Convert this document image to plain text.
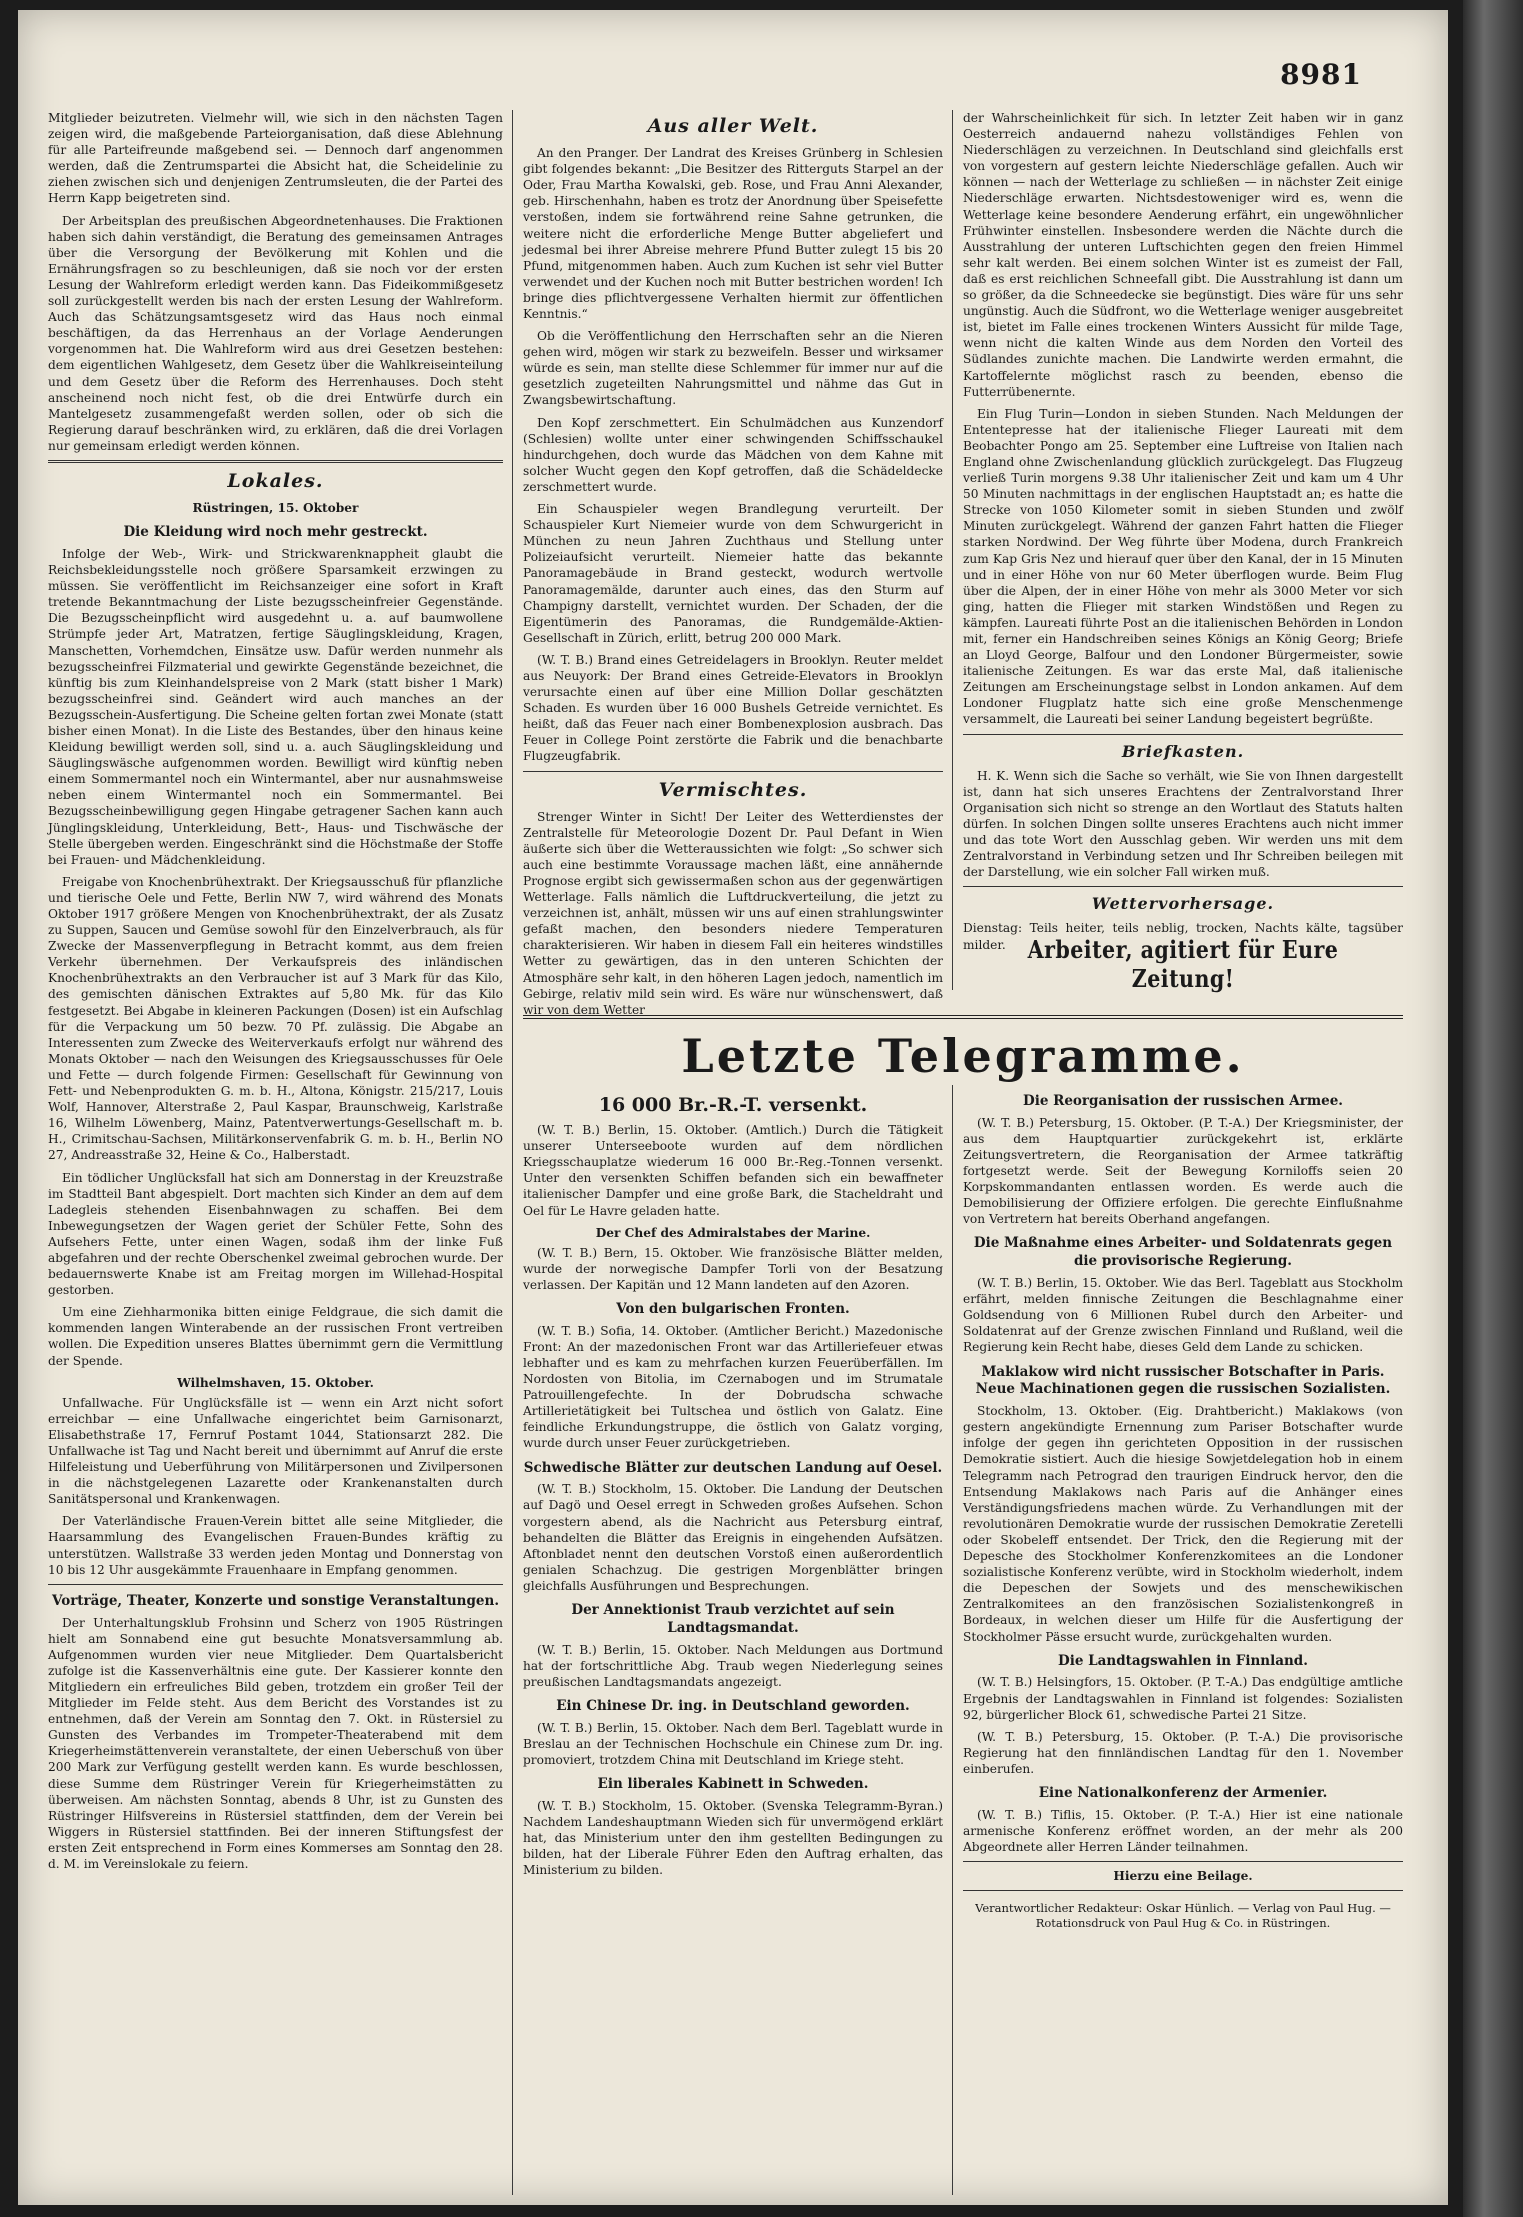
8981

Mitglieder beizutreten. Vielmehr will, wie sich in den nächsten Tagen zeigen wird, die maßgebende Parteiorganisation, daß diese Ablehnung für alle Parteifreunde maßgebend sei. — Dennoch darf angenommen werden, daß die Zentrumspartei die Absicht hat, die Scheidelinie zu ziehen zwischen sich und denjenigen Zentrumsleuten, die der Partei des Herrn Kapp beigetreten sind.

Der Arbeitsplan des preußischen Abgeordnetenhauses. Die Fraktionen haben sich dahin verständigt, die Beratung des gemeinsamen Antrages über die Versorgung der Bevölkerung mit Kohlen und die Ernährungsfragen so zu beschleunigen, daß sie noch vor der ersten Lesung der Wahlreform erledigt werden kann. Das Fideikommißgesetz soll zurückgestellt werden bis nach der ersten Lesung der Wahlreform. Auch das Schätzungsamtsgesetz wird das Haus noch einmal beschäftigen, da das Herrenhaus an der Vorlage Aenderungen vorgenommen hat. Die Wahlreform wird aus drei Gesetzen bestehen: dem eigentlichen Wahlgesetz, dem Gesetz über die Wahlkreiseinteilung und dem Gesetz über die Reform des Herrenhauses. Doch steht anscheinend noch nicht fest, ob die drei Entwürfe durch ein Mantelgesetz zusammengefaßt werden sollen, oder ob sich die Regierung darauf beschränken wird, zu erklären, daß die drei Vorlagen nur gemeinsam erledigt werden können.

Lokales.
Rüstringen, 15. Oktober
Die Kleidung wird noch mehr gestreckt.

Infolge der Web-, Wirk- und Strickwarenknappheit glaubt die Reichsbekleidungsstelle noch größere Sparsamkeit erzwingen zu müssen. Sie veröffentlicht im Reichsanzeiger eine sofort in Kraft tretende Bekanntmachung der Liste bezugsscheinfreier Gegenstände. Die Bezugsscheinpflicht wird ausgedehnt u. a. auf baumwollene Strümpfe jeder Art, Matratzen, fertige Säuglingskleidung, Kragen, Manschetten, Vorhemdchen, Einsätze usw. Dafür werden nunmehr als bezugsscheinfrei Filzmaterial und gewirkte Gegenstände bezeichnet, die künftig bis zum Kleinhandelspreise von 2 Mark (statt bisher 1 Mark) bezugsscheinfrei sind. Geändert wird auch manches an der Bezugsschein-Ausfertigung. Die Scheine gelten fortan zwei Monate (statt bisher einen Monat). In die Liste des Bestandes, über den hinaus keine Kleidung bewilligt werden soll, sind u. a. auch Säuglingskleidung und Säuglingswäsche aufgenommen worden. Bewilligt wird künftig neben einem Sommermantel noch ein Wintermantel, aber nur ausnahmsweise neben einem Wintermantel noch ein Sommermantel. Bei Bezugsscheinbewilligung gegen Hingabe getragener Sachen kann auch Jünglingskleidung, Unterkleidung, Bett-, Haus- und Tischwäsche der Stelle übergeben werden. Eingeschränkt sind die Höchstmaße der Stoffe bei Frauen- und Mädchenkleidung.

Freigabe von Knochenbrühextrakt. Der Kriegsausschuß für pflanzliche und tierische Oele und Fette, Berlin NW 7, wird während des Monats Oktober 1917 größere Mengen von Knochenbrühextrakt, der als Zusatz zu Suppen, Saucen und Gemüse sowohl für den Einzelverbrauch, als für Zwecke der Massenverpflegung in Betracht kommt, aus dem freien Verkehr übernehmen. Der Verkaufspreis des inländischen Knochenbrühextrakts an den Verbraucher ist auf 3 Mark für das Kilo, des gemischten dänischen Extraktes auf 5,80 Mk. für das Kilo festgesetzt. Bei Abgabe in kleineren Packungen (Dosen) ist ein Aufschlag für die Verpackung um 50 bezw. 70 Pf. zulässig. Die Abgabe an Interessenten zum Zwecke des Weiterverkaufs erfolgt nur während des Monats Oktober — nach den Weisungen des Kriegsausschusses für Oele und Fette — durch folgende Firmen: Gesellschaft für Gewinnung von Fett- und Nebenprodukten G. m. b. H., Altona, Königstr. 215/217, Louis Wolf, Hannover, Alterstraße 2, Paul Kaspar, Braunschweig, Karlstraße 16, Wilhelm Löwenberg, Mainz, Patentverwertungs-Gesellschaft m. b. H., Crimitschau-Sachsen, Militärkonservenfabrik G. m. b. H., Berlin NO 27, Andreasstraße 32, Heine & Co., Halberstadt.

Ein tödlicher Unglücksfall hat sich am Donnerstag in der Kreuzstraße im Stadtteil Bant abgespielt. Dort machten sich Kinder an dem auf dem Ladegleis stehenden Eisenbahnwagen zu schaffen. Bei dem Inbewegungsetzen der Wagen geriet der Schüler Fette, Sohn des Aufsehers Fette, unter einen Wagen, sodaß ihm der linke Fuß abgefahren und der rechte Oberschenkel zweimal gebrochen wurde. Der bedauernswerte Knabe ist am Freitag morgen im Willehad-Hospital gestorben.

Um eine Ziehharmonika bitten einige Feldgraue, die sich damit die kommenden langen Winterabende an der russischen Front vertreiben wollen. Die Expedition unseres Blattes übernimmt gern die Vermittlung der Spende.

Wilhelmshaven, 15. Oktober.

Unfallwache. Für Unglücksfälle ist — wenn ein Arzt nicht sofort erreichbar — eine Unfallwache eingerichtet beim Garnisonarzt, Elisabethstraße 17, Fernruf Postamt 1044, Stationsarzt 282. Die Unfallwache ist Tag und Nacht bereit und übernimmt auf Anruf die erste Hilfeleistung und Ueberführung von Militärpersonen und Zivilpersonen in die nächstgelegenen Lazarette oder Krankenanstalten durch Sanitätspersonal und Krankenwagen.

Der Vaterländische Frauen-Verein bittet alle seine Mitglieder, die Haarsammlung des Evangelischen Frauen-Bundes kräftig zu unterstützen. Wallstraße 33 werden jeden Montag und Donnerstag von 10 bis 12 Uhr ausgekämmte Frauenhaare in Empfang genommen.

Vorträge, Theater, Konzerte und sonstige Veranstaltungen.

Der Unterhaltungsklub Frohsinn und Scherz von 1905 Rüstringen hielt am Sonnabend eine gut besuchte Monatsversammlung ab. Aufgenommen wurden vier neue Mitglieder. Dem Quartalsbericht zufolge ist die Kassenverhältnis eine gute. Der Kassierer konnte den Mitgliedern ein erfreuliches Bild geben, trotzdem ein großer Teil der Mitglieder im Felde steht. Aus dem Bericht des Vorstandes ist zu entnehmen, daß der Verein am Sonntag den 7. Okt. in Rüstersiel zu Gunsten des Verbandes im Trompeter-Theaterabend mit dem Kriegerheimstättenverein veranstaltete, der einen Ueberschuß von über 200 Mark zur Verfügung gestellt werden kann. Es wurde beschlossen, diese Summe dem Rüstringer Verein für Kriegerheimstätten zu überweisen. Am nächsten Sonntag, abends 8 Uhr, ist zu Gunsten des Rüstringer Hilfsvereins in Rüstersiel stattfinden, dem der Verein bei Wiggers in Rüstersiel stattfinden. Bei der inneren Stiftungsfest der ersten Zeit entsprechend in Form eines Kommerses am Sonntag den 28. d. M. im Vereinslokale zu feiern.

Aus aller Welt.

An den Pranger. Der Landrat des Kreises Grünberg in Schlesien gibt folgendes bekannt: „Die Besitzer des Ritterguts Starpel an der Oder, Frau Martha Kowalski, geb. Rose, und Frau Anni Alexander, geb. Hirschenhahn, haben es trotz der Anordnung über Speisefette verstoßen, indem sie fortwährend reine Sahne getrunken, die weitere nicht die erforderliche Menge Butter abgeliefert und jedesmal bei ihrer Abreise mehrere Pfund Butter zulegt 15 bis 20 Pfund, mitgenommen haben. Auch zum Kuchen ist sehr viel Butter verwendet und der Kuchen noch mit Butter bestrichen worden! Ich bringe dies pflichtvergessene Verhalten hiermit zur öffentlichen Kenntnis.“

Ob die Veröffentlichung den Herrschaften sehr an die Nieren gehen wird, mögen wir stark zu bezweifeln. Besser und wirksamer würde es sein, man stellte diese Schlemmer für immer nur auf die gesetzlich zugeteilten Nahrungsmittel und nähme das Gut in Zwangsbewirtschaftung.

Den Kopf zerschmettert. Ein Schulmädchen aus Kunzendorf (Schlesien) wollte unter einer schwingenden Schiffsschaukel hindurchgehen, doch wurde das Mädchen von dem Kahne mit solcher Wucht gegen den Kopf getroffen, daß die Schädeldecke zerschmettert wurde.

Ein Schauspieler wegen Brandlegung verurteilt. Der Schauspieler Kurt Niemeier wurde von dem Schwurgericht in München zu neun Jahren Zuchthaus und Stellung unter Polizeiaufsicht verurteilt. Niemeier hatte das bekannte Panoramagebäude in Brand gesteckt, wodurch wertvolle Panoramagemälde, darunter auch eines, das den Sturm auf Champigny darstellt, vernichtet wurden. Der Schaden, der die Eigentümerin des Panoramas, die Rundgemälde-Aktien-Gesellschaft in Zürich, erlitt, betrug 200 000 Mark.

(W. T. B.) Brand eines Getreidelagers in Brooklyn. Reuter meldet aus Neuyork: Der Brand eines Getreide-Elevators in Brooklyn verursachte einen auf über eine Million Dollar geschätzten Schaden. Es wurden über 16 000 Bushels Getreide vernichtet. Es heißt, daß das Feuer nach einer Bombenexplosion ausbrach. Das Feuer in College Point zerstörte die Fabrik und die benachbarte Flugzeugfabrik.

Vermischtes.

Strenger Winter in Sicht! Der Leiter des Wetterdienstes der Zentralstelle für Meteorologie Dozent Dr. Paul Defant in Wien äußerte sich über die Wetteraussichten wie folgt: „So schwer sich auch eine bestimmte Voraussage machen läßt, eine annähernde Prognose ergibt sich gewissermaßen schon aus der gegenwärtigen Wetterlage. Falls nämlich die Luftdruckverteilung, die jetzt zu verzeichnen ist, anhält, müssen wir uns auf einen strahlungswinter gefaßt machen, den besonders niedere Temperaturen charakterisieren. Wir haben in diesem Fall ein heiteres windstilles Wetter zu gewärtigen, das in den unteren Schichten der Atmosphäre sehr kalt, in den höheren Lagen jedoch, namentlich im Gebirge, relativ mild sein wird. Es wäre nur wünschenswert, daß wir von dem Wetter

der Wahrscheinlichkeit für sich. In letzter Zeit haben wir in ganz Oesterreich andauernd nahezu vollständiges Fehlen von Niederschlägen zu verzeichnen. In Deutschland sind gleichfalls erst von vorgestern auf gestern leichte Niederschläge gefallen. Auch wir können — nach der Wetterlage zu schließen — in nächster Zeit einige Niederschläge erwarten. Nichtsdestoweniger wird es, wenn die Wetterlage keine besondere Aenderung erfährt, ein ungewöhnlicher Frühwinter einstellen. Insbesondere werden die Nächte durch die Ausstrahlung der unteren Luftschichten gegen den freien Himmel sehr kalt werden. Bei einem solchen Winter ist es zumeist der Fall, daß es erst reichlichen Schneefall gibt. Die Ausstrahlung ist dann um so größer, da die Schneedecke sie begünstigt. Dies wäre für uns sehr ungünstig. Auch die Südfront, wo die Wetterlage weniger ausgebreitet ist, bietet im Falle eines trockenen Winters Aussicht für milde Tage, wenn nicht die kalten Winde aus dem Norden den Vorteil des Südlandes zunichte machen. Die Landwirte werden ermahnt, die Kartoffelernte möglichst rasch zu beenden, ebenso die Futterrübenernte.

Ein Flug Turin—London in sieben Stunden. Nach Meldungen der Ententepresse hat der italienische Flieger Laureati mit dem Beobachter Pongo am 25. September eine Luftreise von Italien nach England ohne Zwischenlandung glücklich zurückgelegt. Das Flugzeug verließ Turin morgens 9.38 Uhr italienischer Zeit und kam um 4 Uhr 50 Minuten nachmittags in der englischen Hauptstadt an; es hatte die Strecke von 1050 Kilometer somit in sieben Stunden und zwölf Minuten zurückgelegt. Während der ganzen Fahrt hatten die Flieger starken Nordwind. Der Weg führte über Modena, durch Frankreich zum Kap Gris Nez und hierauf quer über den Kanal, der in 15 Minuten und in einer Höhe von nur 60 Meter überflogen wurde. Beim Flug über die Alpen, der in einer Höhe von mehr als 3000 Meter vor sich ging, hatten die Flieger mit starken Windstößen und Regen zu kämpfen. Laureati führte Post an die italienischen Behörden in London mit, ferner ein Handschreiben seines Königs an König Georg; Briefe an Lloyd George, Balfour und den Londoner Bürgermeister, sowie italienische Zeitungen. Es war das erste Mal, daß italienische Zeitungen am Erscheinungstage selbst in London ankamen. Auf dem Londoner Flugplatz hatte sich eine große Menschenmenge versammelt, die Laureati bei seiner Landung begeistert begrüßte.

Briefkasten.

H. K. Wenn sich die Sache so verhält, wie Sie von Ihnen dargestellt ist, dann hat sich unseres Erachtens der Zentralvorstand Ihrer Organisation sich nicht so strenge an den Wortlaut des Statuts halten dürfen. In solchen Dingen sollte unseres Erachtens auch nicht immer und das tote Wort den Ausschlag geben. Wir werden uns mit dem Zentralvorstand in Verbindung setzen und Ihr Schreiben beilegen mit der Darstellung, wie ein solcher Fall wirken muß.

Wettervorhersage.

Dienstag: Teils heiter, teils neblig, trocken, Nachts kälte, tagsüber milder. Arbeiter, agitiert für Eure Zeitung!
Letzte Telegramme.
16 000 Br.-R.-T. versenkt.

(W. T. B.) Berlin, 15. Oktober. (Amtlich.) Durch die Tätigkeit unserer Unterseeboote wurden auf dem nördlichen Kriegsschauplatze wiederum 16 000 Br.-Reg.-Tonnen versenkt. Unter den versenkten Schiffen befanden sich ein bewaffneter italienischer Dampfer und eine große Bark, die Stacheldraht und Oel für Le Havre geladen hatte.

Der Chef des Admiralstabes der Marine.

(W. T. B.) Bern, 15. Oktober. Wie französische Blätter melden, wurde der norwegische Dampfer Torli von der Besatzung verlassen. Der Kapitän und 12 Mann landeten auf den Azoren.

Von den bulgarischen Fronten.

(W. T. B.) Sofia, 14. Oktober. (Amtlicher Bericht.) Mazedonische Front: An der mazedonischen Front war das Artilleriefeuer etwas lebhafter und es kam zu mehrfachen kurzen Feuerüberfällen. Im Nordosten von Bitolia, im Czernabogen und im Strumatale Patrouillengefechte. In der Dobrudscha schwache Artillerietätigkeit bei Tultschea und östlich von Galatz. Eine feindliche Erkundungstruppe, die östlich von Galatz vorging, wurde durch unser Feuer zurückgetrieben.

Schwedische Blätter zur deutschen Landung auf Oesel.

(W. T. B.) Stockholm, 15. Oktober. Die Landung der Deutschen auf Dagö und Oesel erregt in Schweden großes Aufsehen. Schon vorgestern abend, als die Nachricht aus Petersburg eintraf, behandelten die Blätter das Ereignis in eingehenden Aufsätzen. Aftonbladet nennt den deutschen Vorstoß einen außerordentlich genialen Schachzug. Die gestrigen Morgenblätter bringen gleichfalls Ausführungen und Besprechungen.

Der Annektionist Traub verzichtet auf sein Landtagsmandat.

(W. T. B.) Berlin, 15. Oktober. Nach Meldungen aus Dortmund hat der fortschrittliche Abg. Traub wegen Niederlegung seines preußischen Landtagsmandats angezeigt.

Ein Chinese Dr. ing. in Deutschland geworden.

(W. T. B.) Berlin, 15. Oktober. Nach dem Berl. Tageblatt wurde in Breslau an der Technischen Hochschule ein Chinese zum Dr. ing. promoviert, trotzdem China mit Deutschland im Kriege steht.

Ein liberales Kabinett in Schweden.

(W. T. B.) Stockholm, 15. Oktober. (Svenska Telegramm-Byran.) Nachdem Landeshauptmann Wieden sich für unvermögend erklärt hat, das Ministerium unter den ihm gestellten Bedingungen zu bilden, hat der Liberale Führer Eden den Auftrag erhalten, das Ministerium zu bilden.

Die Reorganisation der russischen Armee.

(W. T. B.) Petersburg, 15. Oktober. (P. T.-A.) Der Kriegsminister, der aus dem Hauptquartier zurückgekehrt ist, erklärte Zeitungsvertretern, die Reorganisation der Armee tatkräftig fortgesetzt werde. Seit der Bewegung Korniloffs seien 20 Korpskommandanten entlassen worden. Es werde auch die Demobilisierung der Offiziere erfolgen. Die gerechte Einflußnahme von Vertretern hat bereits Oberhand angefangen.

Die Maßnahme eines Arbeiter- und Soldatenrats gegen die provisorische Regierung.

(W. T. B.) Berlin, 15. Oktober. Wie das Berl. Tageblatt aus Stockholm erfährt, melden finnische Zeitungen die Beschlagnahme einer Goldsendung von 6 Millionen Rubel durch den Arbeiter- und Soldatenrat auf der Grenze zwischen Finnland und Rußland, weil die Regierung kein Recht habe, dieses Geld dem Lande zu schicken.

Maklakow wird nicht russischer Botschafter in Paris. Neue Machinationen gegen die russischen Sozialisten.

Stockholm, 13. Oktober. (Eig. Drahtbericht.) Maklakows (von gestern angekündigte Ernennung zum Pariser Botschafter wurde infolge der gegen ihn gerichteten Opposition in der russischen Demokratie sistiert. Auch die hiesige Sowjetdelegation hob in einem Telegramm nach Petrograd den traurigen Eindruck hervor, den die Entsendung Maklakows nach Paris auf die Anhänger eines Verständigungsfriedens machen würde. Zu Verhandlungen mit der revolutionären Demokratie wurde der russischen Demokratie Zeretelli oder Skobeleff entsendet. Der Trick, den die Regierung mit der Depesche des Stockholmer Konferenzkomitees an die Londoner sozialistische Konferenz verübte, wird in Stockholm wiederholt, indem die Depeschen der Sowjets und des menschewikischen Zentralkomitees an den französischen Sozialistenkongreß in Bordeaux, in welchen dieser um Hilfe für die Ausfertigung der Stockholmer Pässe ersucht wurde, zurückgehalten wurden.

Die Landtagswahlen in Finnland.

(W. T. B.) Helsingfors, 15. Oktober. (P. T.-A.) Das endgültige amtliche Ergebnis der Landtagswahlen in Finnland ist folgendes: Sozialisten 92, bürgerlicher Block 61, schwedische Partei 21 Sitze.

(W. T. B.) Petersburg, 15. Oktober. (P. T.-A.) Die provisorische Regierung hat den finnländischen Landtag für den 1. November einberufen.

Eine Nationalkonferenz der Armenier.

(W. T. B.) Tiflis, 15. Oktober. (P. T.-A.) Hier ist eine nationale armenische Konferenz eröffnet worden, an der mehr als 200 Abgeordnete aller Herren Länder teilnahmen.

Hierzu eine Beilage.
Verantwortlicher Redakteur: Oskar Hünlich. — Verlag von Paul Hug. — Rotationsdruck von Paul Hug & Co. in Rüstringen.
